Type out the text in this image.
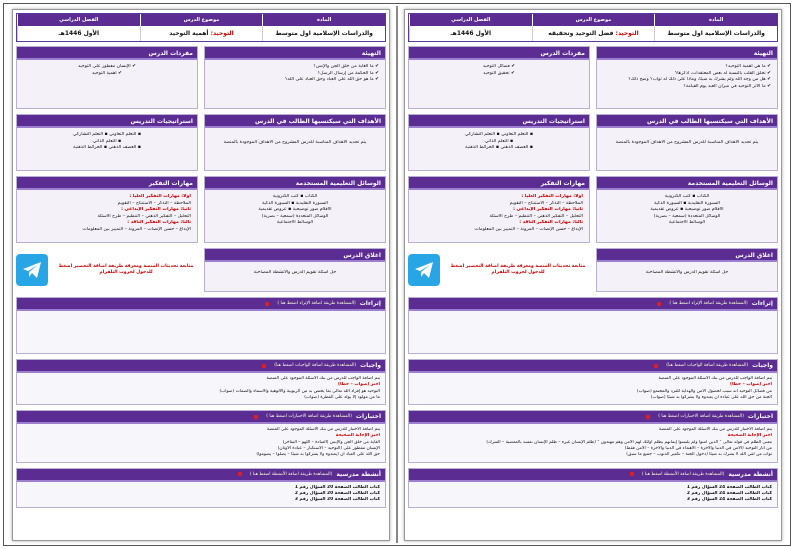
المادة
موضوع الدرس
الفصل الدراسي
والدراسات الإسلامية اول متوسط
التوحيد: فضل التوحيد وتحقيقه
الأول 1446هـ
التهيئة
✔ ما هي أهمية التوحيد؟
✔ تخلق القلب بالنسبة له بعض المعتقدات، اذكرها؟
✔ هل من وجه الله ولم يشرك به شيئا، وماذا على ذلك له ثواب؟ وضح ذلك؟
✔ ما الأثر التوحيد في ميزان العبد يوم القيامة؟
مفردات الدرس
✔ فضائل التوحيد
✔ تحقيق التوحيد
الأهداف التي سيكتسبها الطالب في الدرس
يتم تحديد الأهداف المناسبة للدرس المشروح من الأهداف الموجودة بالمنصة
استراتيجيات التدريس
▪ التعلم التعاوني ▪ التعلم التشاركي
▪ التعلم الذاتي
▪ العصف الذهني ▪ الخرائط الذهنية
الوسائل التعليمية المستخدمة
الكتاب ▪ كتب الكترونية
السبورة التقليدية ▪ السبورة الذكية
الأقلام صور توضيحية ▪ عروض تقديمية
الوسائل المتعددة (سمعية – بصرية)
الوسائط الاجتماعية
مهارات التفكير
أولا: مهارات التفكير العليا :
الملاحظة – التذكر – الاستنتاج – التقويم
ثانيا: مهارات التفكير الإبداعي :
التحليل – التفكير الذهني – التنظيم – طرح الأسئلة
ثالثا: مهارات التفكير الناقد :
الإبداع – حسن الإنصات – المرونة – التمييز بين المعلومات
اغلاق الدرس
حل أسئلة تقويم الدرس والأنشطة المصاحبة
متابعة تحديثات المنصة ومعرفة طريقة اضافة التحضير اضغط للدخول لجروب التلقرام
إثراءات
(المشاهدة طريقة اضافة الإثراء اضغط هنا )
واجبات
(المشاهدة طريقة اضافة الواجبات اضغط هنا)
يتم اضافة الواجب للدرس من بنك الاسئلة الموجود على المنصة
اختر (صواب – خطأ)
من فضائل التوحيد أنه سبب لحصول الأمن والهداية للفرد والمجتمع (صواب)
الجنة من حق الله على عباده أن يعبدوه ولا يشركوا به شيئا (صواب)
اختبارات
(المشاهدة طريقة اضافة الاختبارات اضغط هنا )
يتم اضافة الاختبار للدرس من بنك الأسئلة الموجود على المنصة
اختر الإجابة الصحيحة
معنى الظلم في قوله تعالى " الذين آمنوا ولم يلبسوا إيمانهم بظلم أولئك لهم الأمن وهم مهتدون " (ظلم الإنسان غيره – ظلم الإنسان نفسه بالمعصية – الشرك)
من آثار التوحيد (الأمن في الدنيا والآخرة – الاهتداء في الدنيا والآخرة – الأمن فقط)
ثواب من لقي الله لا يشرك به شيئا (دخول الجنة – تكفير الذنوب – جميع ما سبق)
أنشطة مدرسية
(المشاهدة طريقة اضافة الأنشطة اضغط هنا )
كتاب الطالب الصفحة 24 السؤال رقم 1
كتاب الطالب الصفحة 24 السؤال رقم 2
كتاب الطالب الصفحة 24 السؤال رقم 3
المادة
موضوع الدرس
الفصل الدراسي
والدراسات الإسلامية اول متوسط
التوحيد: أهمية التوحيد
الأول 1446هـ
التهيئة
✔ ما الغاية من خلق الجن والإنس؟
✔ ما الحكمة من إرسال الرسل؟
✔ ما هو حق الله على العباد وحق العباد على الله؟
مفردات الدرس
✔ الإنسان مفطور على التوحيد
✔ أهمية التوحيد
الأهداف التي سيكتسبها الطالب في الدرس
يتم تحديد الأهداف المناسبة للدرس المشروح من الأهداف الموجودة بالمنصة
استراتيجيات التدريس
▪ التعلم التعاوني ▪ التعلم التشاركي
▪ التعلم الذاتي
▪ العصف الذهني ▪ الخرائط الذهنية
الوسائل التعليمية المستخدمة
الكتاب ▪ كتب الكترونية
السبورة التقليدية ▪ السبورة الذكية
الأقلام صور توضيحية ▪ عروض تقديمية
الوسائل المتعددة (سمعية – بصرية)
الوسائط الاجتماعية
مهارات التفكير
أولا: مهارات التفكير العليا :
الملاحظة – التذكر – الاستنتاج – التقويم
ثانيا: مهارات التفكير الإبداعي :
التحليل – التفكير الذهني – التنظيم – طرح الأسئلة
ثالثا: مهارات التفكير الناقد :
الإبداع – حسن الإنصات – المرونة – التمييز بين المعلومات
اغلاق الدرس
حل أسئلة تقويم الدرس والأنشطة المصاحبة
متابعة تحديثات المنصة ومعرفة طريقة اضافة التحضير اضغط للدخول لجروب التلقرام
إثراءات
(المشاهدة طريقة اضافة الإثراء اضغط هنا )
واجبات
(المشاهدة طريقة اضافة الواجبات اضغط هنا)
يتم اضافة الواجب للدرس من بنك الاسئلة الموجود على المنصة
اختر (صواب – خطأ)
التوحيد هو إفراد الله تعالى بما يختص به من الربوبية والألوهية والأسماء والصفات (صواب)
ما من مولود إلا يولد على الفطرة (صواب)
اختبارات
(المشاهدة طريقة اضافة الاختبارات اضغط هنا )
يتم اضافة الاختبار للدرس من بنك الأسئلة الموجود على المنصة
اختر الإجابة الصحيحة
الغاية من خلق الجن والإنس (العبادة – اللهو – التفاخر)
الإنسان مفطور على (التوحيد – الاستكبار – عبادة الأوثان)
حق الله على العباد أن (يعبدوه ولا يشركوا به شيئا – يصلوا – يصوموا)
أنشطة مدرسية
(المشاهدة طريقة اضافة الأنشطة اضغط هنا )
كتاب الطالب الصفحة 20 السؤال رقم 1
كتاب الطالب الصفحة 20 السؤال رقم 2
كتاب الطالب الصفحة 20 السؤال رقم 3
